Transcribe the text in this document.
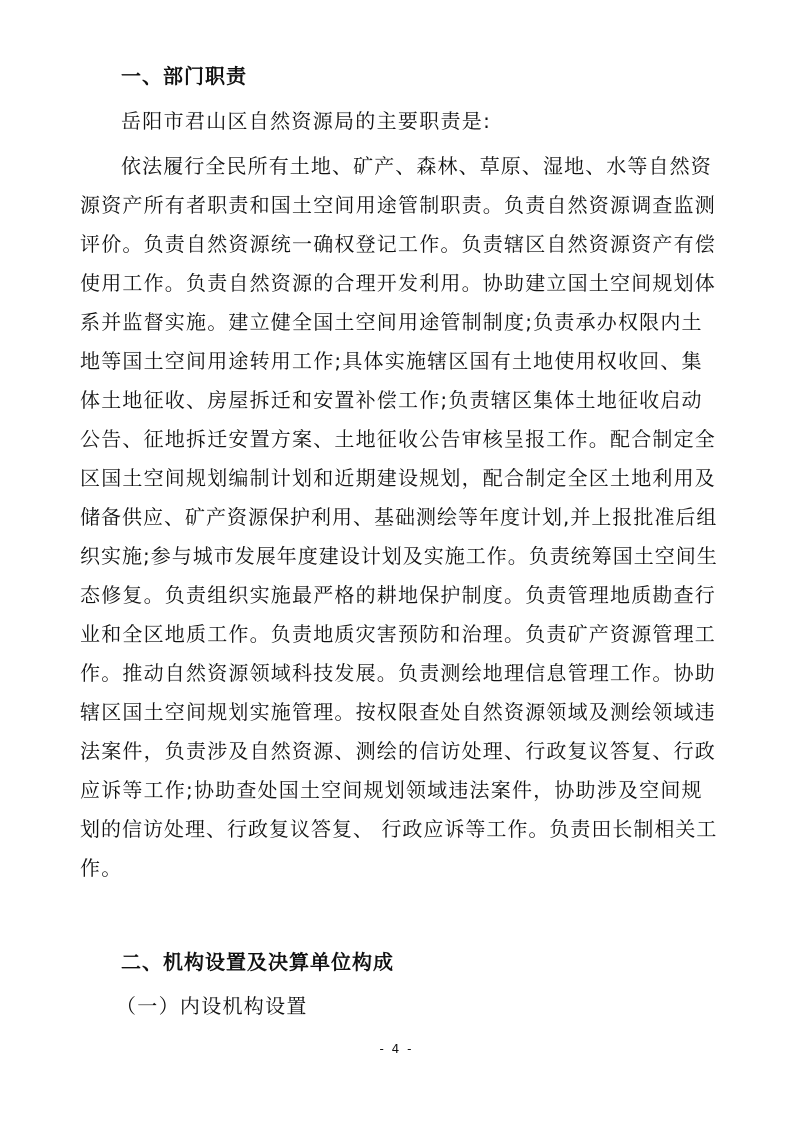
一、部门职责
岳阳市君山区自然资源局的主要职责是:
依法履行全民所有土地、矿产、森林、草原、湿地、水等自然资
源资产所有者职责和国土空间用途管制职责。负责自然资源调查监测
评价。负责自然资源统一确权登记工作。负责辖区自然资源资产有偿
使用工作。负责自然资源的合理开发利用。协助建立国土空间规划体
系并监督实施。建立健全国土空间用途管制制度;负责承办权限内土
地等国土空间用途转用工作;具体实施辖区国有土地使用权收回、集
体土地征收、房屋拆迁和安置补偿工作;负责辖区集体土地征收启动
公告、征地拆迁安置方案、土地征收公告审核呈报工作。配合制定全
区国土空间规划编制计划和近期建设规划，配合制定全区土地利用及
储备供应、矿产资源保护利用、基础测绘等年度计划,并上报批准后组
织实施;参与城市发展年度建设计划及实施工作。负责统筹国土空间生
态修复。负责组织实施最严格的耕地保护制度。负责管理地质勘查行
业和全区地质工作。负责地质灾害预防和治理。负责矿产资源管理工
作。推动自然资源领域科技发展。负责测绘地理信息管理工作。协助
辖区国土空间规划实施管理。按权限查处自然资源领域及测绘领域违
法案件，负责涉及自然资源、测绘的信访处理、行政复议答复、行政
应诉等工作;协助查处国土空间规划领域违法案件，协助涉及空间规
划的信访处理、行政复议答复、 行政应诉等工作。负责田长制相关工
作。
二、机构设置及决算单位构成
（一）内设机构设置
- 4 -
